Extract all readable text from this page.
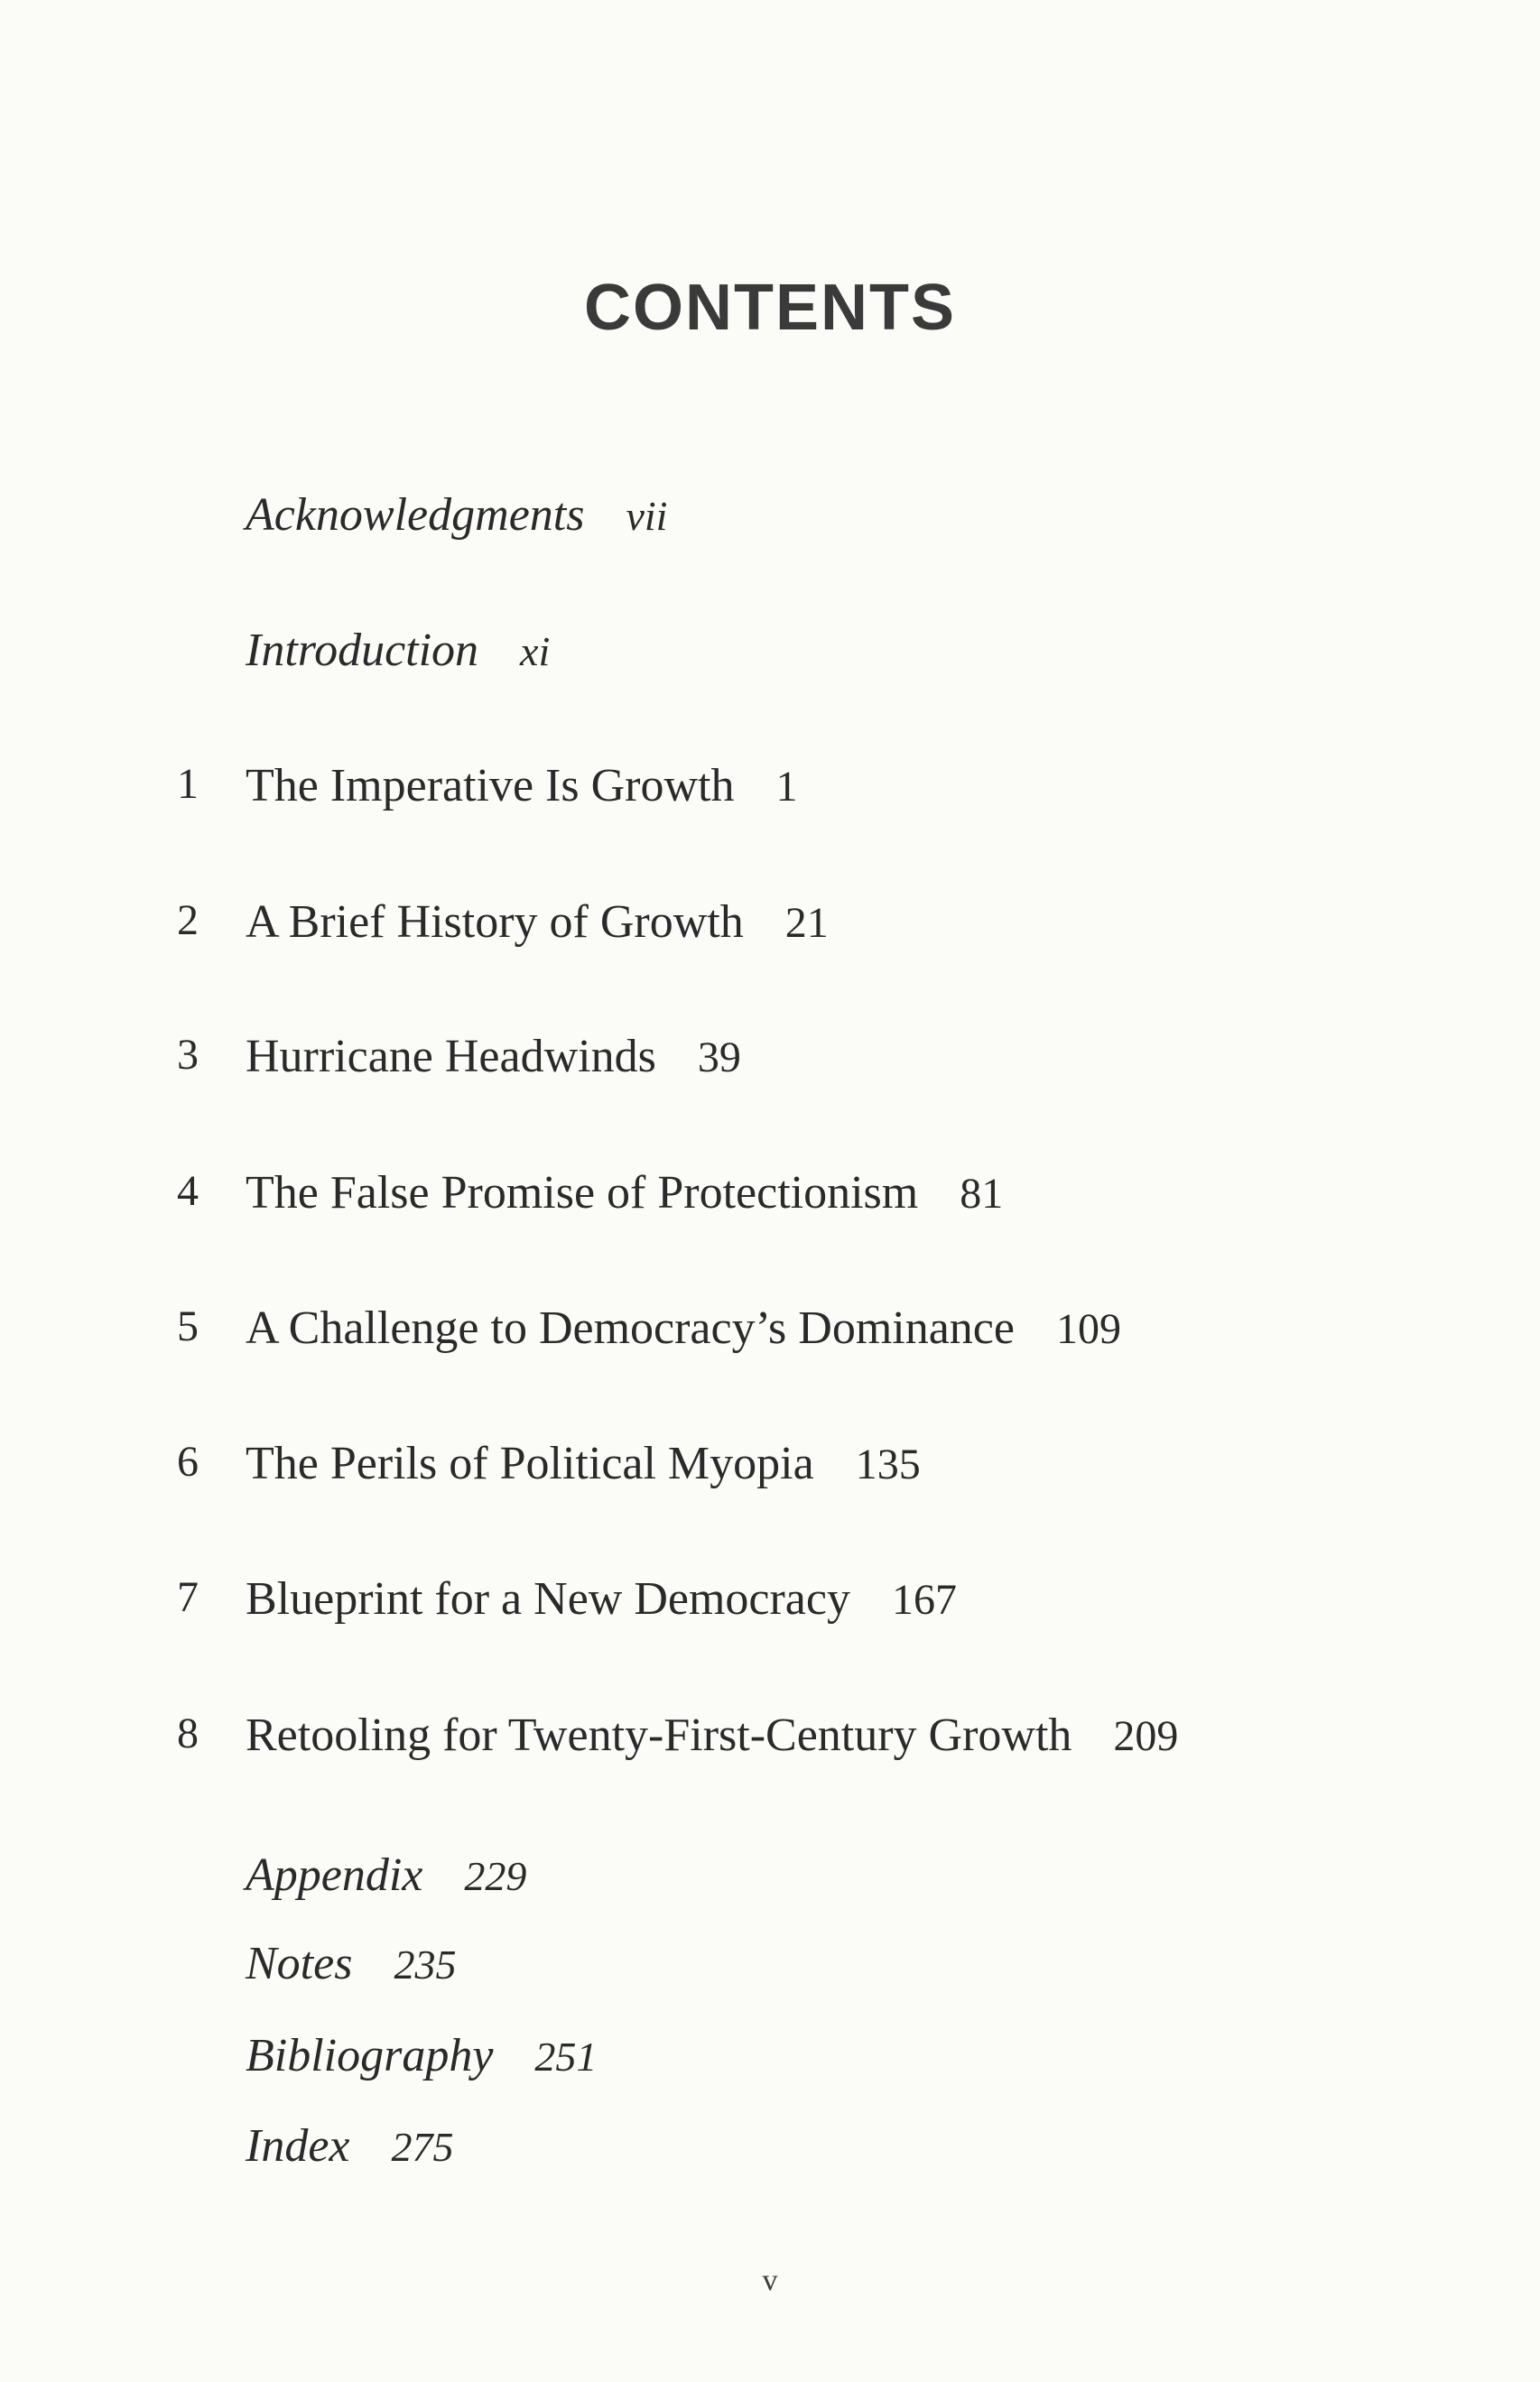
CONTENTS
Acknowledgments vii
Introduction xi
1	The Imperative Is Growth 1
2	A Brief History of Growth 21
3	Hurricane Headwinds 39
4	The False Promise of Protectionism 81
5	A Challenge to Democracy’s Dominance 109
6	The Perils of Political Myopia 135
7	Blueprint for a New Democracy 167
8	Retooling for Twenty-First-Century Growth 209
Appendix 229
Notes 235
Bibliography 251
Index 275
v
